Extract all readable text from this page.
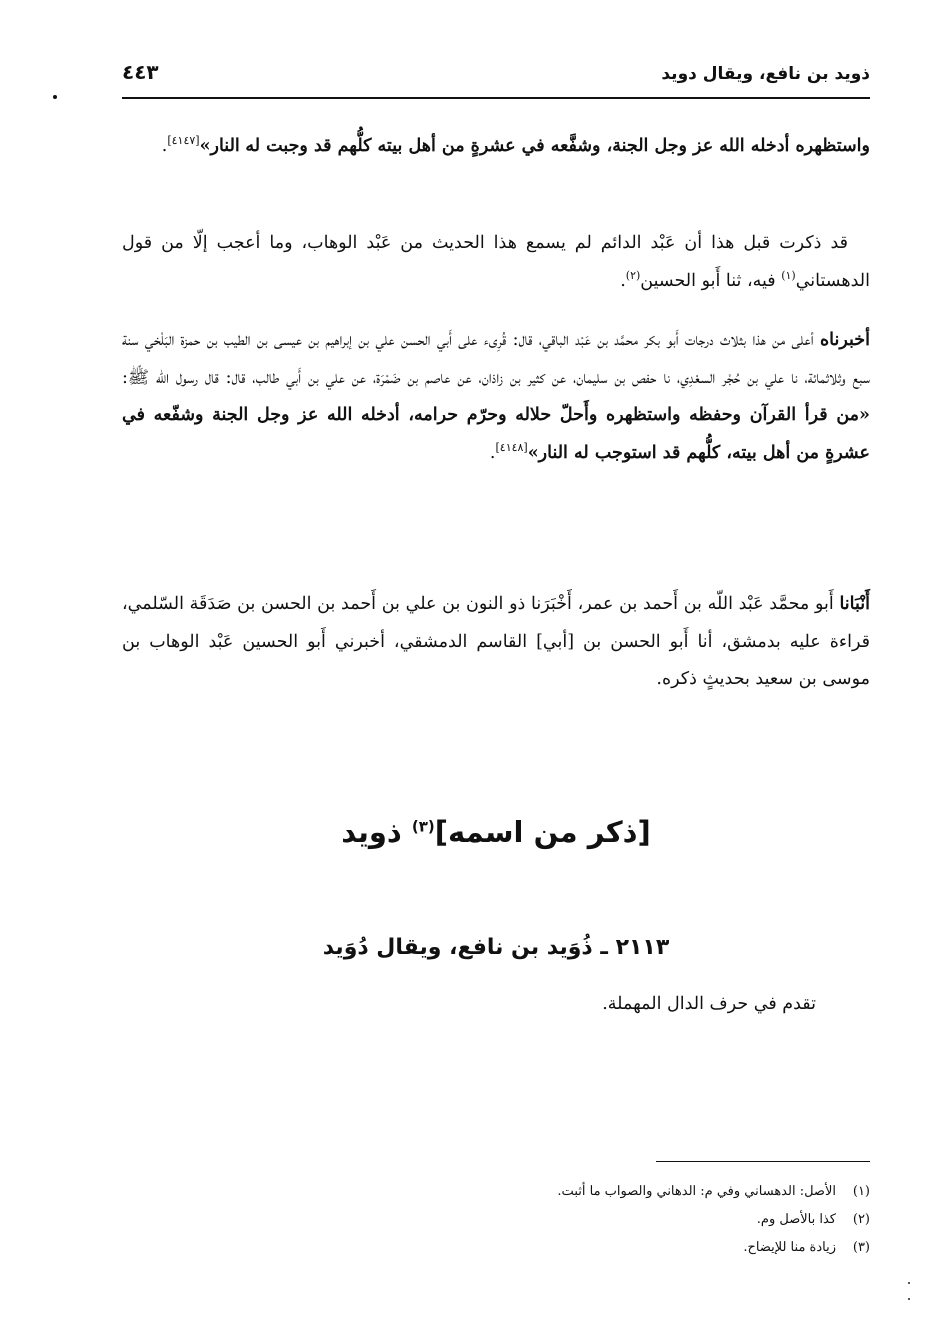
ذويد بن نافع، ويقال دويد
٤٤٣
واستظهره أدخله الله عز وجل الجنة، وشفَّعه في عشرةٍ من أهل بيته كلُّهم قد وجبت له النار»[٤١٤٧].
قد ذكرت قبل هذا أن عَبْد الدائم لم يسمع هذا الحديث من عَبْد الوهاب، وما أعجب إلّا من قول الدهستاني$^{(١)}$ فيه، ثنا أَبو الحسين$^{(٢)}$.
أخبرناه أعلى من هذا بثلاث درجات أَبو بكر محمَّد بن عَبْد الباقي، قال: قُرِىء على أَبي الحسن علي بن إبراهيم بن عيسى بن الطيب بن حمزة البَلْخي سنة سبع وثلاثمائة، نا علي بن حُجْر السعْدِي، نا حفص بن سليمان، عن كثير بن زاذان، عن عاصم بن ضَمْرَة، عن علي بن أَبي طالب، قال: قال رسول الله ﷺ: «من قرأ القرآن وحفظه واستظهره وأَحلّ حلاله وحرّم حرامه، أدخله الله عز وجل الجنة وشفّعه في عشرةٍ من أهل بيته، كلُّهم قد استوجب له النار»[٤١٤٨].
أَنْبَانا أَبو محمَّد عَبْد اللّه بن أَحمد بن عمر، أَخْبَرَنا ذو النون بن علي بن أَحمد بن الحسن بن صَدَقَة السّلمي، قراءة عليه بدمشق، أنا أَبو الحسن بن [أبي] القاسم الدمشقي، أخبرني أَبو الحسين عَبْد الوهاب بن موسى بن سعيد بحديثٍ ذكره.
[ذكر من اسمه]$^{(٣)}$ ذويد
٢١١٣ ـ ذُوَيد بن نافع، ويقال دُوَيد
تقدم في حرف الدال المهملة.
(١)الأصل: الدهساني وفي م: الدهاني والصواب ما أثبت.
(٢)كذا بالأصل وم.
(٣)زيادة منا للإيضاح.
